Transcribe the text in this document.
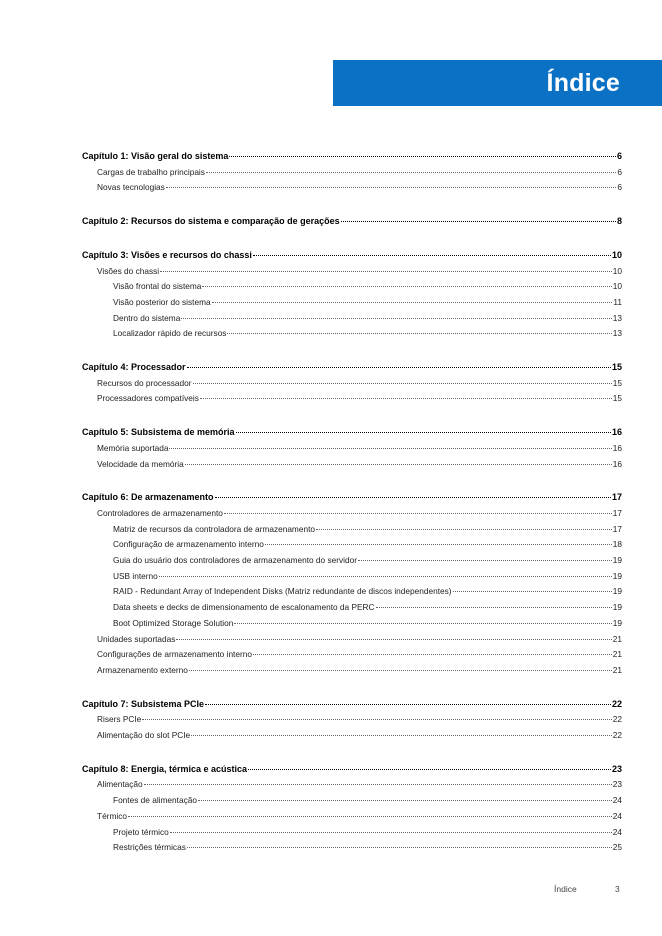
Índice
Capítulo 1: Visão geral do sistema	6
Cargas de trabalho principais	6
Novas tecnologias	6
Capítulo 2: Recursos do sistema e comparação de gerações	8
Capítulo 3: Visões e recursos do chassi	10
Visões do chassi	10
Visão frontal do sistema	10
Visão posterior do sistema	11
Dentro do sistema	13
Localizador rápido de recursos	13
Capítulo 4: Processador	15
Recursos do processador	15
Processadores compatíveis	15
Capítulo 5: Subsistema de memória	16
Memória suportada	16
Velocidade da memória	16
Capítulo 6: De armazenamento	17
Controladores de armazenamento	17
Matriz de recursos da controladora de armazenamento	17
Configuração de armazenamento interno	18
Guia do usuário dos controladores de armazenamento do servidor	19
USB interno	19
RAID - Redundant Array of Independent Disks (Matriz redundante de discos independentes)	19
Data sheets e decks de dimensionamento de escalonamento da PERC	19
Boot Optimized Storage Solution	19
Unidades suportadas	21
Configurações de armazenamento interno	21
Armazenamento externo	21
Capítulo 7: Subsistema PCIe	22
Risers PCIe	22
Alimentação do slot PCIe	22
Capítulo 8: Energia, térmica e acústica	23
Alimentação	23
Fontes de alimentação	24
Térmico	24
Projeto térmico	24
Restrições térmicas	25
Índice	3
